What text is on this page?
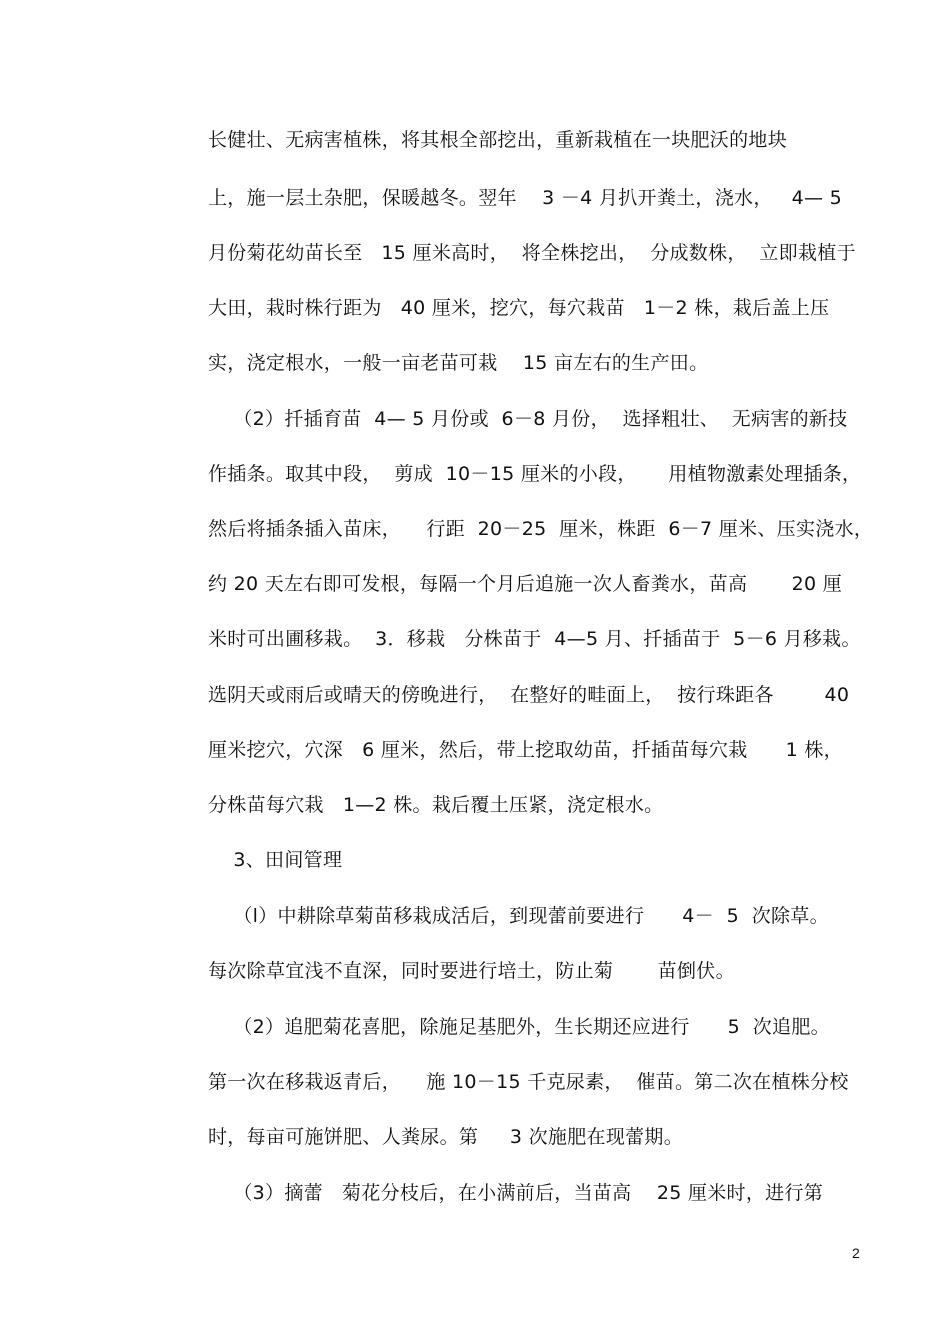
长健壮、无病害植株，将其根全部挖出，重新栽植在一块肥沃的地块
上，施一层土杂肥，保暖越冬。翌年    3 －4 月扒开粪土，浇水，   4— 5
月份菊花幼苗长至   15 厘米高时，  将全株挖出，  分成数株，  立即栽植于
大田，栽时株行距为   40 厘米，挖穴，每穴栽苗   1－2 株，栽后盖上压
实，浇定根水，一般一亩老苗可栽    15 亩左右的生产田。
（2）扦插育苗  4— 5 月份或  6－8 月份，  选择粗壮、  无病害的新技
作插条。取其中段，  剪成  10－15 厘米的小段，     用植物激素处理插条，
然后将插条插入苗床，    行距  20－25  厘米，株距  6－7 厘米、压实浇水，
约 20 天左右即可发根，每隔一个月后追施一次人畜粪水，苗高       20 厘
米时可出圃移栽。  3．移栽   分株苗于  4—5 月、扦插苗于  5－6 月移栽。
选阴天或雨后或晴天的傍晚进行，  在整好的畦面上，  按行珠距各        40
厘米挖穴，穴深   6 厘米，然后，带上挖取幼苗，扦插苗每穴栽      1 株，
分株苗每穴栽   1—2 株。栽后覆土压紧，浇定根水。
3、田间管理
（l）中耕除草菊苗移栽成活后，到现蕾前要进行      4－  5  次除草。
每次除草宜浅不直深，同时要进行培土，防止菊       苗倒伏。
（2）追肥菊花喜肥，除施足基肥外，生长期还应进行      5  次追肥。
第一次在移栽返青后，    施 10－15 千克尿素，  催苗。第二次在植株分校
时，每亩可施饼肥、人粪尿。第     3 次施肥在现蕾期。
（3）摘蕾   菊花分枝后，在小满前后，当苗高    25 厘米时，进行第
2
